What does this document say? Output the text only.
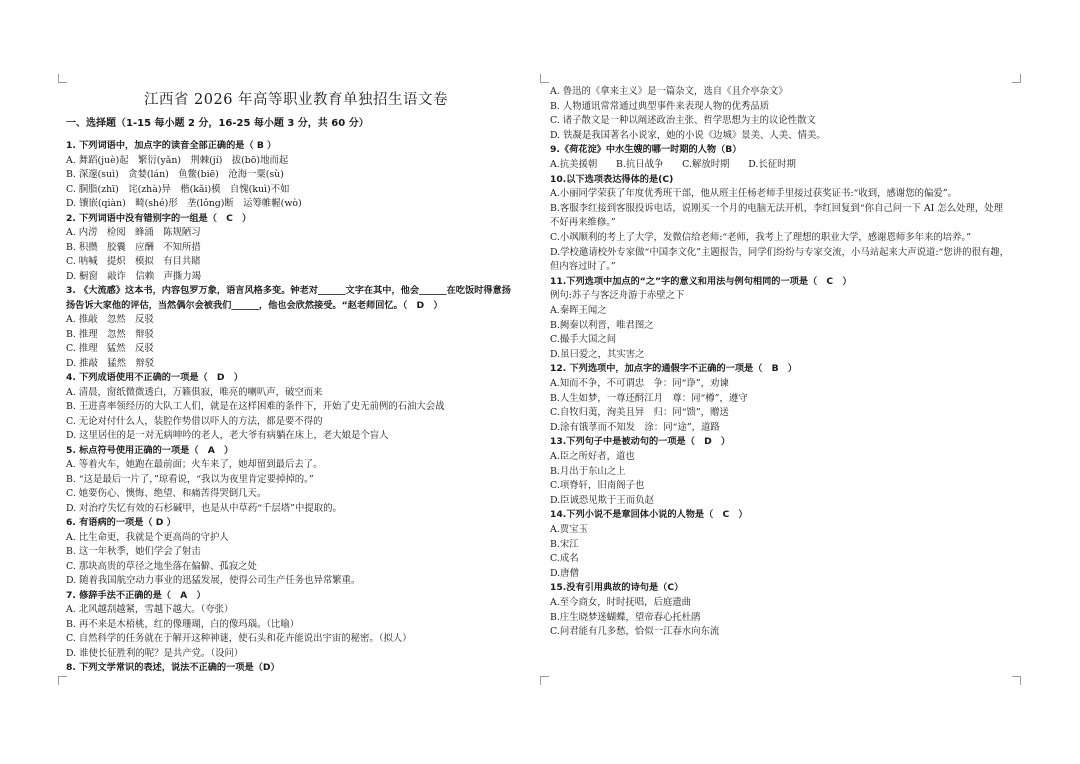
江西省 2026 年高等职业教育单独招生语文卷
一、选择题（1-15 每小题 2 分，16-25 每小题 3 分，共 60 分）
1. 下列词语中，加点字的读音全部正确的是（ B ）
A. 舞蹈(juè)起　繁衍(yǎn)　荆棘(jí)　拔(bō)地而起
B. 深邃(suì)　贪婪(lán)　鱼鳖(biē)　沧海一粟(sù)
C. 胴脂(zhī)　诧(zhà)异　楷(kǎi)模　自愧(kuì)不如
D. 镶嵌(qiàn)　畸(shé)形　垄(lǒng)断　运筹帷幄(wò)
2. 下列词语中没有错别字的一组是（　C　）
A. 内涝　检阅　蜂涌　陈规陋习
B. 积攒　胶囊　应酬　不知所措
C. 呐喊　提炽　模拟　有目共睹
D. 橱窗　敲诈　信赖　声撕力竭
3. 《大流感》这本书，内容包罗万象，语言风格多变。钟老对______文字在其中，他会______在吃饭时得意扬
扬告诉大家他的评估，当然偶尔会被我们______，他也会欣然接受。“赵老师回忆。（　D　）
A. 推敲　忽然　反驳
B. 推理　忽然　辩驳
C. 推理　猛然　反驳
D. 推敲　猛然　辩驳
4. 下列成语使用不正确的一项是（　D　）
A. 清晨，窗纸微微透白，万籁俱寂，唯亮的喇叭声，破空而来
B. 王进喜率领经历的大队工人们，就是在这样困难的条件下，开始了史无前例的石油大会战
C. 无论对付什么人，装腔作势借以吓人的方法，都是要不得的
D. 这里居住的是一对无病呻吟的老人，老大爷有病躺在床上，老大娘是个盲人
5. 标点符号使用正确的一项是（　A　）
A. 等着火车，她跑在最前面；火车来了，她却留到最后去了。
B. “这是最后一片了，”琼看说，“我以为夜里肯定要掉掉的。”
C. 她要伤心、懊悔、绝望、和痛苦得哭倒几天。
D. 对治疗失忆有效的石杉碱甲，也是从中草药“千层塔”中提取的。
6. 有语病的一项是（ D ）
A. 比生命更，我就是个更高尚的守护人
B. 这一年秋季，她们学会了射击
C. 那块高贵的草径之地坐落在偏僻、孤寂之处
D. 随着我国航空动力事业的迅猛发展，使得公司生产任务也异常繁重。
7. 修辞手法不正确的是（　A　）
A. 北风越刮越紧，雪越下越大。（夸张）
B. 再不来是木梧桃，红的像珊瑚，白的像玛瑙。（比喻）
C. 自然科学的任务就在于解开这种神谜，使石头和花卉能说出宇宙的秘密。（拟人）
D. 谁使长征胜利的呢？是共产党。（设问）
8. 下列文学常识的表述，说法不正确的一项是（D）
A. 鲁迅的《拿来主义》是一篇杂文，选自《且介亭杂文》
B. 人物通讯常常通过典型事件来表现人物的优秀品质
C. 诸子散文是一种以阐述政治主张、哲学思想为主的议论性散文
D. 铁凝是我国著名小说家，她的小说《边城》景美、人美、情美。
9.《荷花淀》中水生嫂的哪一时期的人物（B）
A.抗美援朝　　B.抗日战争　　C.解放时期　　D.长征时期
10.以下选项表达得体的是(C)
A.小丽同学荣获了年度优秀班干部，他从班主任杨老师手里接过获奖证书:“收到，感谢您的偏爱”。
B.客服李红接到客服投诉电话，说刚买一个月的电脑无法开机，李红回复到“你自己问一下 AI 怎么处理，处理
不好再来维修。”
C.小飒顺利的考上了大学，发微信给老师:“老师，我考上了理想的职业大学，感谢恩师多年来的培养。”
D.学校邀请校外专家做“中国李文化”主题报告，同学们纷纷与专家交流，小马站起来大声说道:“您讲的很有趣，
但内容过时了。”
11.下列选项中加点的“之”字的意义和用法与例句相同的一项是（　C　）
例句:苏子与客泛舟游于赤壁之下
A.秦晖王闻之
B.阙秦以利晋，唯君图之
C.撮手大国之间
D.虽曰爱之，其实害之
12. 下列选项中，加点字的通假字不正确的一项是（　B　）
A.知而不争，不可谓忠　争：同“诤”，劝谏
B.人生如梦，一尊还酹江月　尊：同“樽”，遵守
C.自牧归荑，洵美且异　归：同“馈”，赠送
D.涂有饿莩而不知发　涂：同“途”，道路
13.下列句子中是被动句的一项是（　D　）
A.臣之所好者，道也
B.月出于东山之上
C.项脊轩，旧南阁子也
D.臣诚恐见欺于王而负赵
14.下列小说不是章回体小说的人物是（　C　）
A.贾宝玉
B.宋江
C.成名
D.唐僧
15.没有引用典故的诗句是（C）
A.至今商女，时时抚唱，后庭遗曲
B.庄生晓梦迷蝴蝶，望帝春心托杜鹃
C.问君能有几多愁，恰似一江春水向东流
